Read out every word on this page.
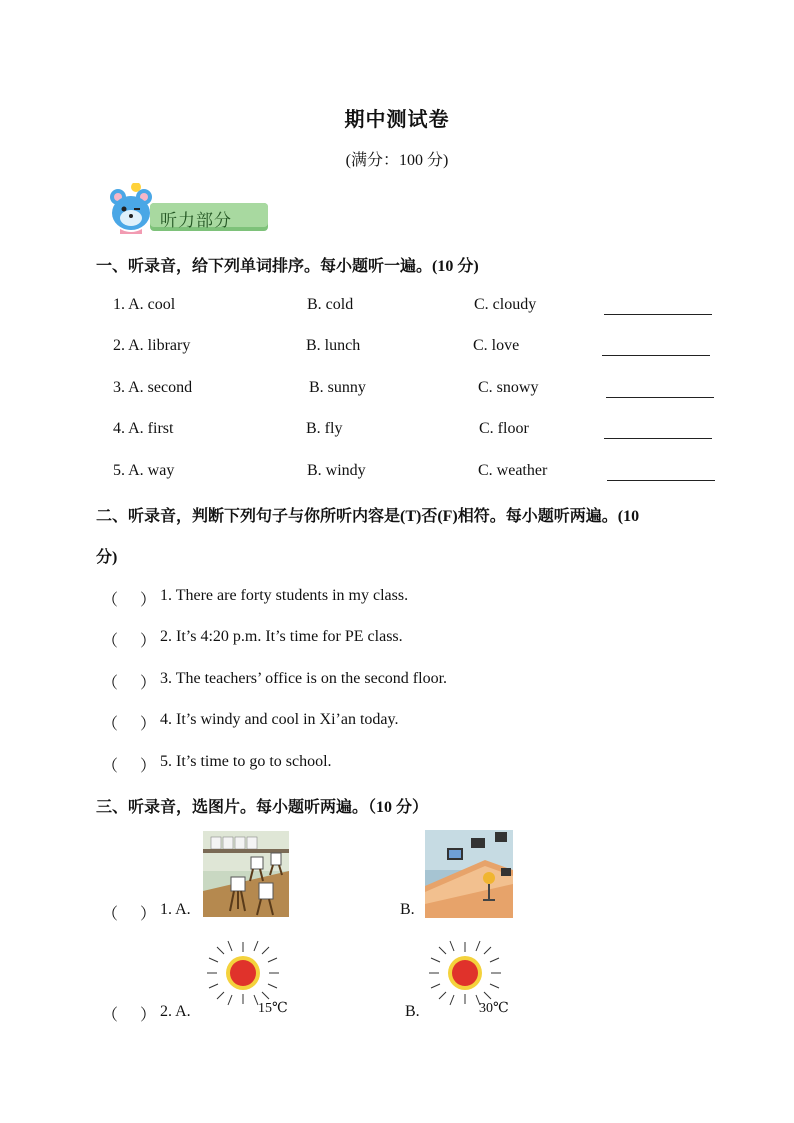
期中测试卷
(满分：100 分)
听力部分
一、听录音，给下列单词排序。每小题听一遍。(10 分)
1. A. cool	B. cold	C. cloudy
2. A. library	B. lunch	C. love
3. A. second	B. sunny	C. snowy
4. A. first	B. fly	C. floor
5. A. way	B. windy	C. weather
二、听录音，判断下列句子与你所听内容是(T)否(F)相符。每小题听两遍。(10
分)
（ ） 1. There are forty students in my class.
（ ） 2. It’s 4:20 p.m. It’s time for PE class.
（ ） 3. The teachers’ office is on the second floor.
（ ） 4. It’s windy and cool in Xi’an today.
（ ） 5. It’s time to go to school.
三、听录音，选图片。每小题听两遍。（10 分）
（ ） 1. A.	B.
（ ） 2. A.	15℃	B.	30℃
